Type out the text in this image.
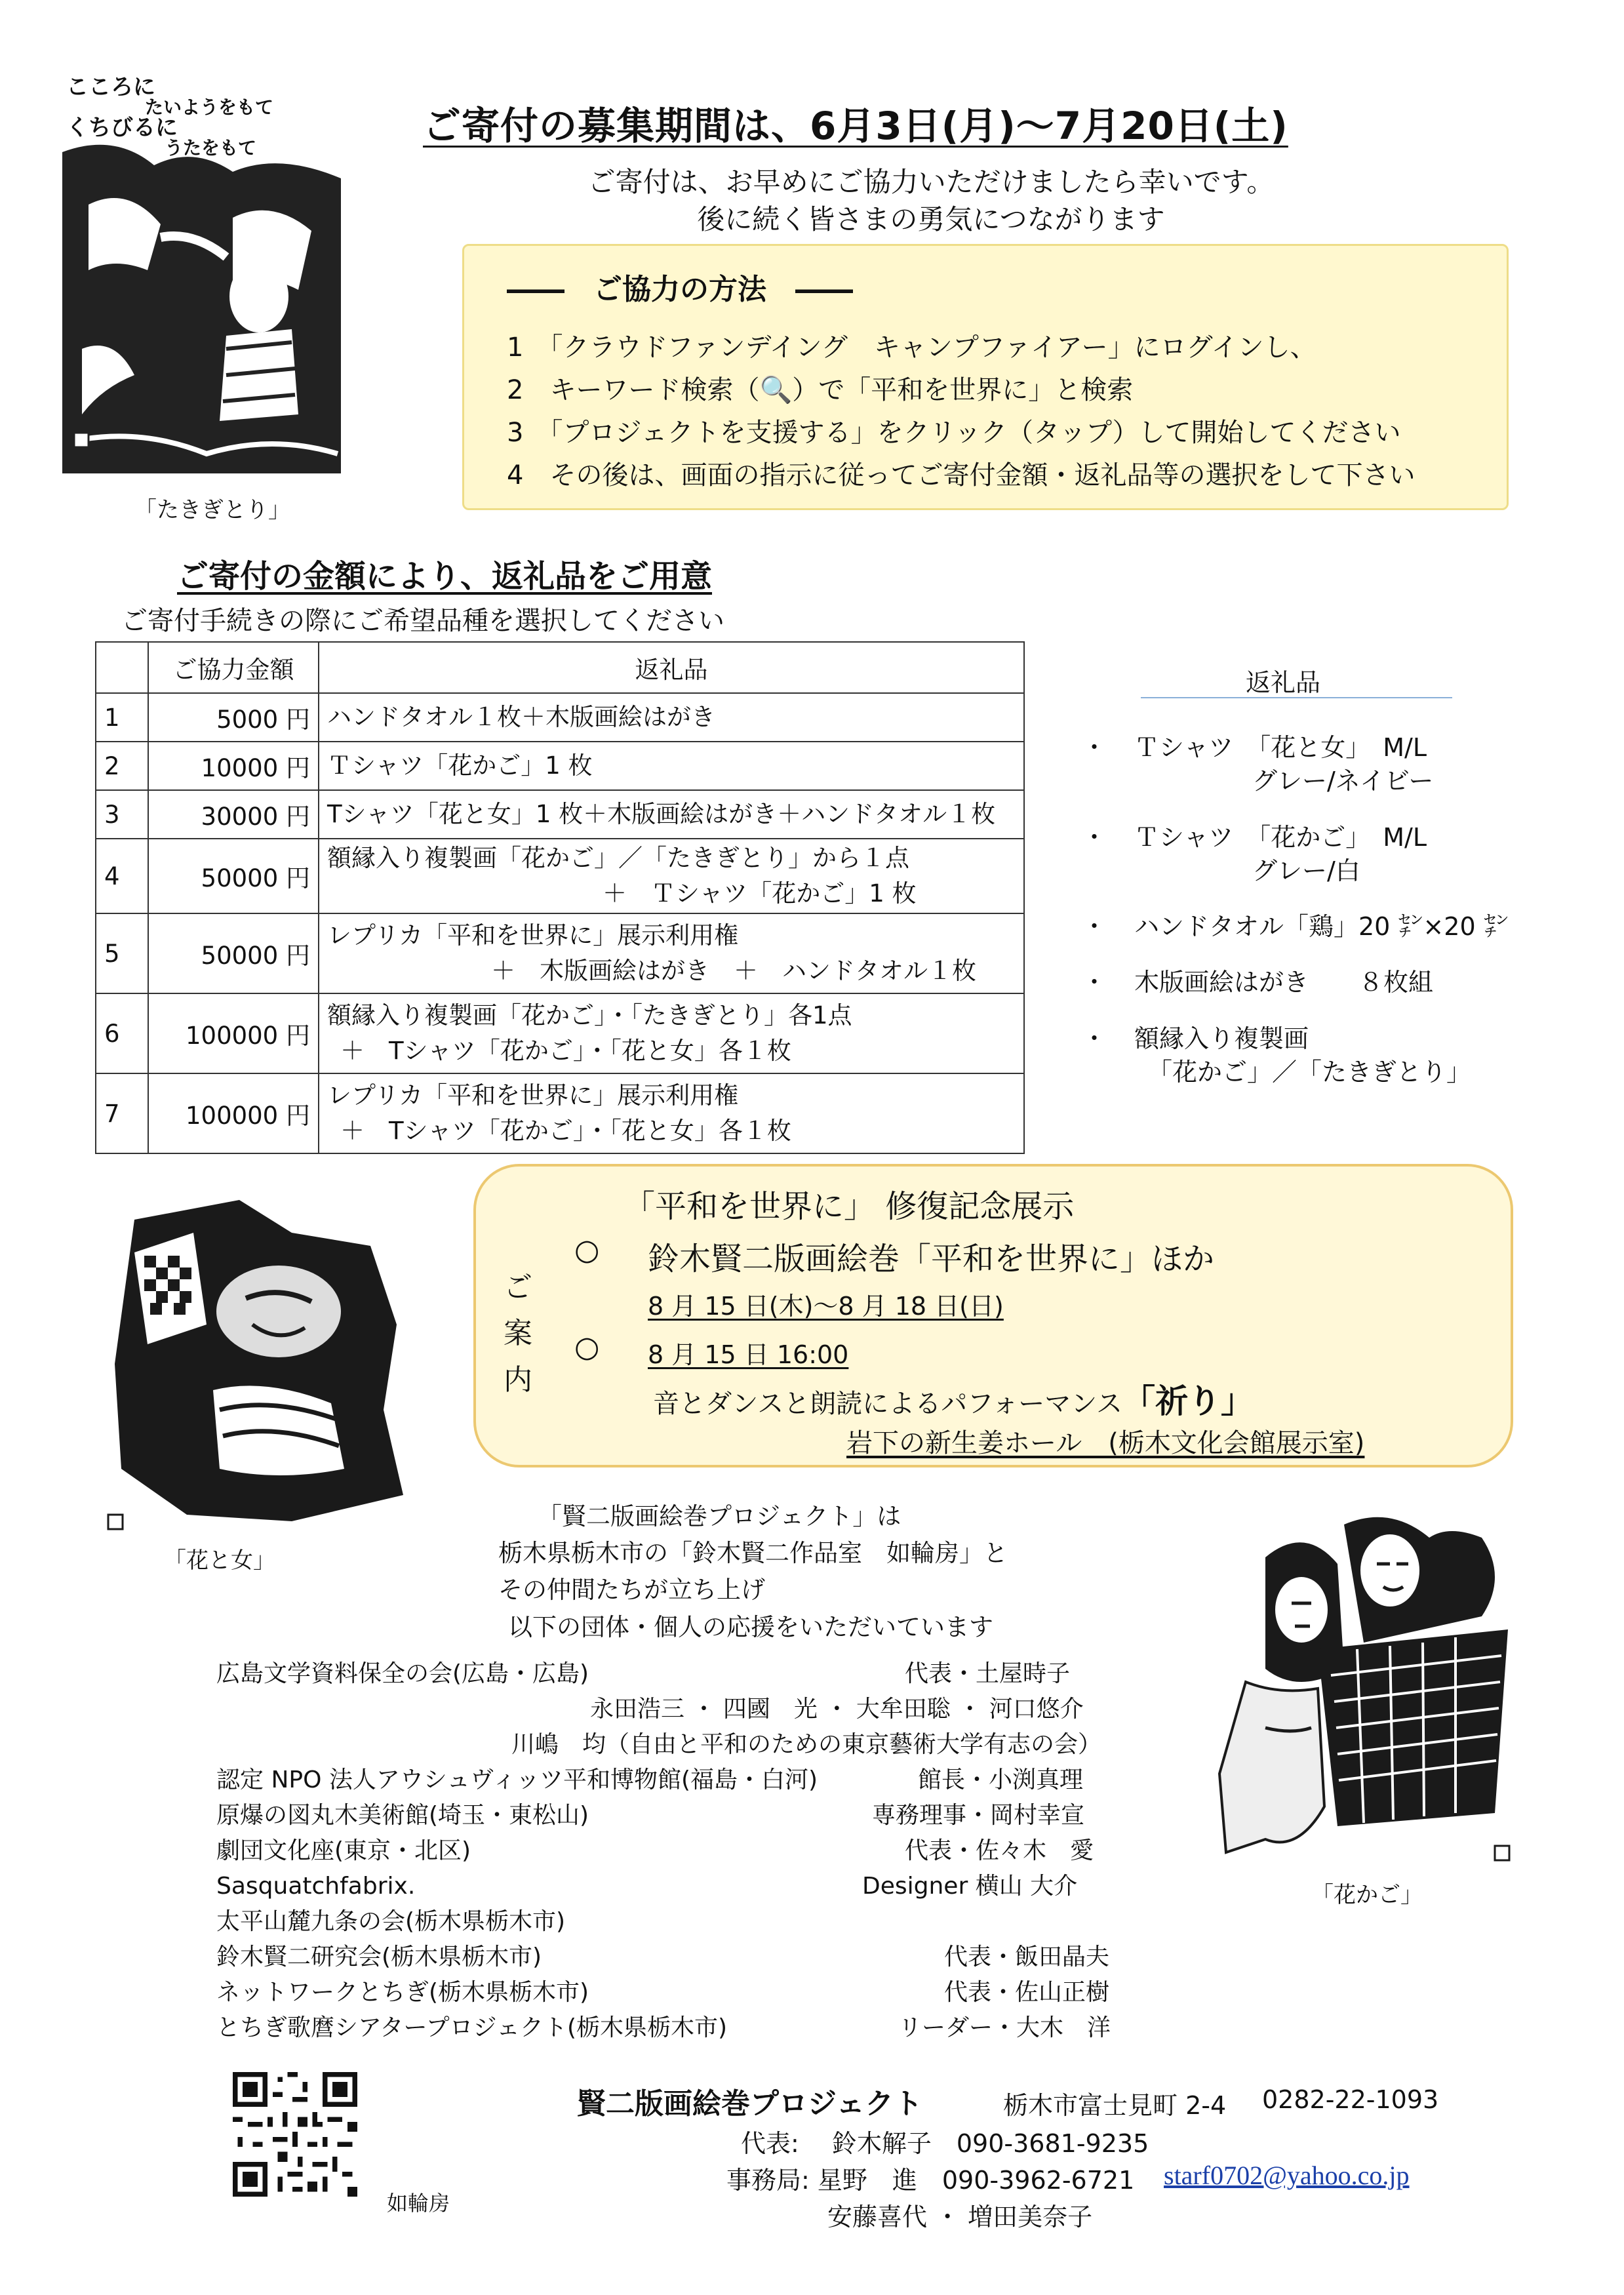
こころに
たいようをもて
くちびるに
うたをもて
「たきぎとり」
ご寄付の募集期間は、6月3日(月)～7月20日(土)
ご寄付は、お早めにご協力いただけましたら幸いです。
後に続く皆さまの勇気につながります
――　ご協力の方法　――
1　「クラウドファンデイング　キャンプファイアー」にログインし、
2　キーワード検索（🔍）で「平和を世界に」と検索
3　「プロジェクトを支援する」をクリック（タップ）して開始してください
4　その後は、画面の指示に従ってご寄付金額・返礼品等の選択をして下さい
ご寄付の金額により、返礼品をご用意
ご寄付手続きの際にご希望品種を選択してください
	ご協力金額	返礼品
1	5000 円	ハンドタオル１枚＋木版画絵はがき
2	10000 円	Ｔシャツ「花かご」1 枚
3	30000 円	Tシャツ「花と女」1 枚＋木版画絵はがき＋ハンドタオル１枚
4	50000 円	額縁入り複製画「花かご」／「たきぎとり」から１点
＋　Ｔシャツ「花かご」1 枚

5	50000 円	レプリカ「平和を世界に」展示利用権
＋　木版画絵はがき　＋　ハンドタオル１枚

6	100000 円	額縁入り複製画「花かご」・「たきぎとり」各1点
＋　Tシャツ「花かご」・「花と女」各１枚

7	100000 円	レプリカ「平和を世界に」展示利用権
＋　Tシャツ「花かご」・「花と女」各１枚
返礼品
・ Ｔシャツ　「花と女」　M/L
グレー/ネイビー
・ Ｔシャツ　「花かご」　M/L
グレー/白
・ ハンドタオル「鶏」20 ㌢×20 ㌢
・ 木版画絵はがき　　８枚組
・ 額縁入り複製画
「花かご」／「たきぎとり」
「花と女」
「平和を世界に」 修復記念展示
ご
案
内
○ 鈴木賢二版画絵巻「平和を世界に」ほか
8 月 15 日(木)～8 月 18 日(日)
○ 8 月 15 日 16:00
音とダンスと朗読によるパフォーマンス「祈り」
岩下の新生姜ホール　(栃木文化会館展示室)
「賢二版画絵巻プロジェクト」は
栃木県栃木市の「鈴木賢二作品室　如輪房」と
その仲間たちが立ち上げ
以下の団体・個人の応援をいただいています
「花かご」
広島文学資料保全の会(広島・広島)	代表・土屋時子
永田浩三 ・ 四國　光 ・ 大牟田聡 ・ 河口悠介
川嶋　均（自由と平和のための東京藝術大学有志の会）
認定 NPO 法人アウシュヴィッツ平和博物館(福島・白河)	館長・小渕真理
原爆の図丸木美術館(埼玉・東松山)	専務理事・岡村幸宣
劇団文化座(東京・北区)	代表・佐々木　愛
Sasquatchfabrix.	Designer 横山 大介
太平山麓九条の会(栃木県栃木市)
鈴木賢二研究会(栃木県栃木市)	代表・飯田晶夫
ネットワークとちぎ(栃木県栃木市)	代表・佐山正樹
とちぎ歌麿シアタープロジェクト(栃木県栃木市)	リーダー・大木　洋
如輪房
賢二版画絵巻プロジェクト	栃木市富士見町 2-4 0282-22-1093
代表:　 鈴木解子　090-3681-9235
事務局: 星野　進　090-3962-6721 starf0702@yahoo.co.jp
安藤喜代 ・ 増田美奈子
